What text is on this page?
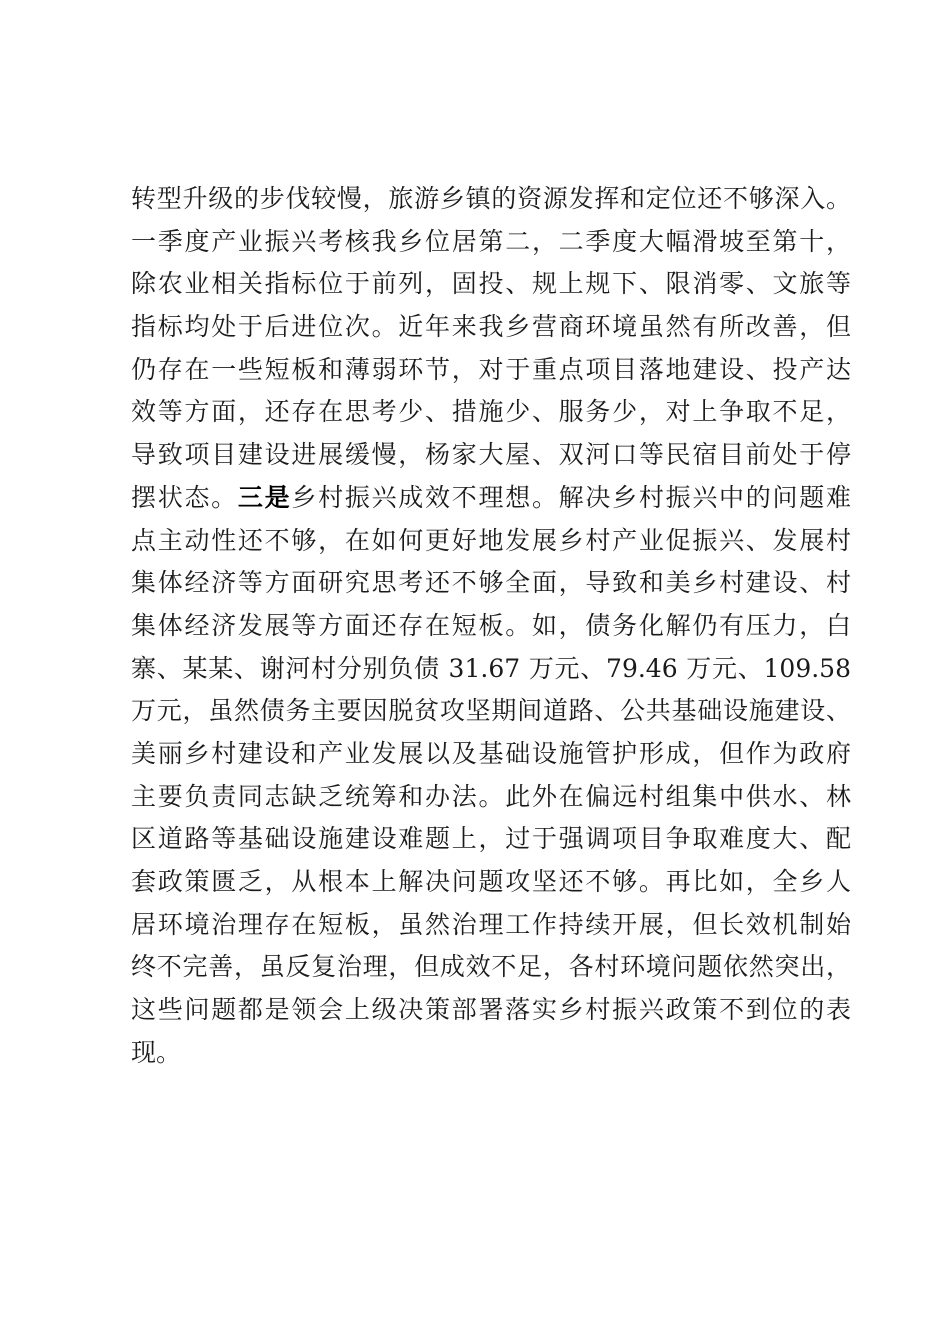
转型升级的步伐较慢，旅游乡镇的资源发挥和定位还不够深入。
一季度产业振兴考核我乡位居第二，二季度大幅滑坡至第十，
除农业相关指标位于前列，固投、规上规下、限消零、文旅等
指标均处于后进位次。近年来我乡营商环境虽然有所改善，但
仍存在一些短板和薄弱环节，对于重点项目落地建设、投产达
效等方面，还存在思考少、措施少、服务少，对上争取不足，
导致项目建设进展缓慢，杨家大屋、双河口等民宿目前处于停
摆状态。三是乡村振兴成效不理想。解决乡村振兴中的问题难
点主动性还不够，在如何更好地发展乡村产业促振兴、发展村
集体经济等方面研究思考还不够全面，导致和美乡村建设、村
集体经济发展等方面还存在短板。如，债务化解仍有压力，白
寨、某某、谢河村分别负债 31.67 万元、79.46 万元、109.58
万元，虽然债务主要因脱贫攻坚期间道路、公共基础设施建设、
美丽乡村建设和产业发展以及基础设施管护形成，但作为政府
主要负责同志缺乏统筹和办法。此外在偏远村组集中供水、林
区道路等基础设施建设难题上，过于强调项目争取难度大、配
套政策匮乏，从根本上解决问题攻坚还不够。再比如，全乡人
居环境治理存在短板，虽然治理工作持续开展，但长效机制始
终不完善，虽反复治理，但成效不足，各村环境问题依然突出，
这些问题都是领会上级决策部署落实乡村振兴政策不到位的表
现。
